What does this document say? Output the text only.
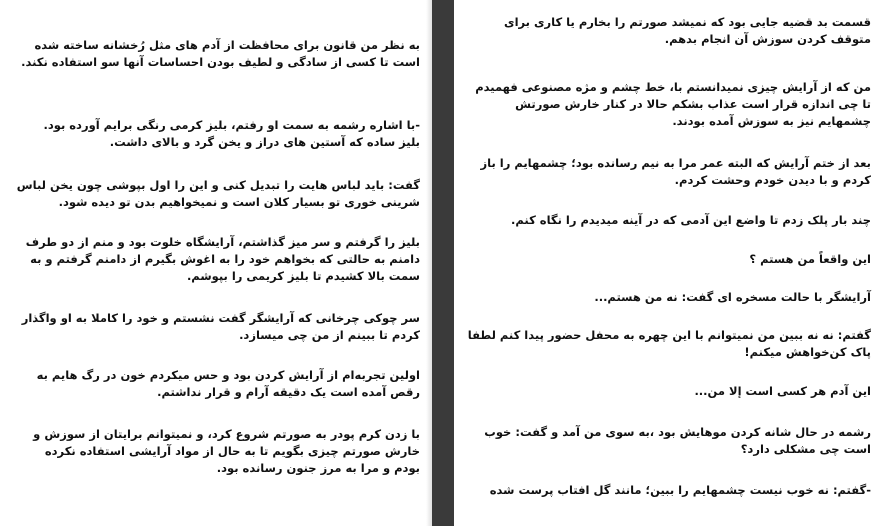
به نظر من قانون برای محافظت از آدم های مثل رُخشانه ساخته شده
است تا کسی از سادگی و لطیف بودن احساسات آنها سو استفاده نکند.
-با اشاره رشمه به سمت او رفتم، بلیز کرمی رنگی برایم آورده بود.
بلیز ساده که آستین های دراز و یخن گرد و بالای داشت.
گفت: باید لباس هایت را تبدیل کنی و این را اول بپوشی چون یخن لباس
شرینی خوری تو بسیار کلان است و نمیخواهیم بدن تو دیده شود.
بلیز را گرفتم و سر میز گذاشتم، آرایشگاه خلوت بود و منم از دو طرف
دامنم به حالتی که بخواهم خود را به اغوش بگیرم از دامنم گرفتم و به
سمت بالا کشیدم تا بلیز کریمی را بپوشم.
سر چوکی چرخانی که آرایشگر گفت نشستم و خود را کاملا به او واگذار
کردم تا ببینم از من چی میسازد.
اولین تجربه‌ام از آرایش کردن بود و حس میکردم خون در رگ هایم به
رقص آمده است یک دقیقه آرام و قرار نداشتم.
با زدن کرم پودر به صورتم شروع کرد، و نمیتوانم برایتان از سوزش و
خارش صورتم چیزی بگویم تا به حال از مواد آرایشی استفاده نکرده
بودم و مرا به مرز جنون رسانده بود.
قسمت بد قضیه جایی بود که نمیشد صورتم را بخارم یا کاری برای
متوقف کردن سوزش آن انجام بدهم.
من که از آرایش چیزی نمیدانستم با، خط چشم و مژه مصنوعی فهمیدم
تا چی اندازه قرار است عذاب بشکم حالا در کنار خارش صورتش
چشمهایم نیز به سوزش آمده بودند.
بعد از ختم آرایش که البته عمر مرا به نیم رسانده بود؛ چشمهایم را باز
کردم و با دیدن خودم وحشت کردم.
چند بار پلک زدم تا واضع این آدمی که در آینه میدیدم را نگاه کنم.
این واقعاً من هستم ؟
آرایشگر با حالت مسخره ای گفت: نه من هستم...
گفتم: نه نه ببین من نمیتوانم با این چهره به محفل حضور پیدا کنم لطفا
پاک کن‌خواهش میکنم!
این آدم هر کسی است إلا من...
رشمه در حال شانه کردن موهایش بود ،به سوی من آمد و گفت: خوب
است چی مشکلی دارد؟
-گفتم: نه خوب نیست چشمهایم را ببین؛ مانند گل افتاب پرست شده
